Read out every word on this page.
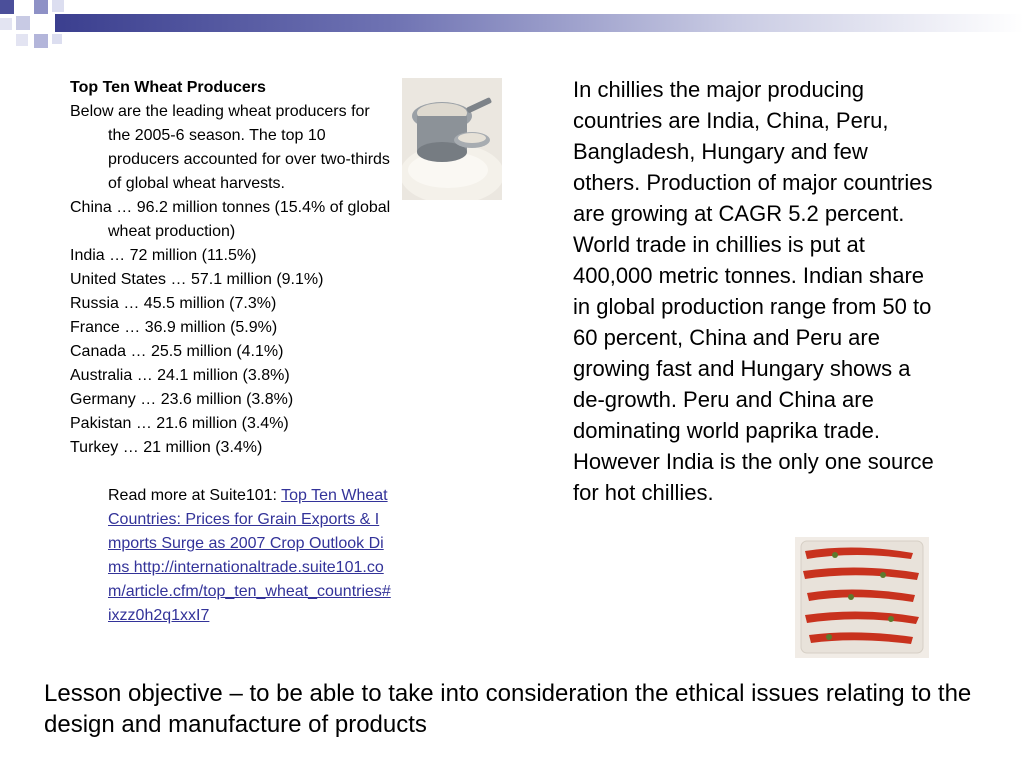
Top Ten Wheat Producers
Below are the leading wheat producers for the 2005-6 season. The top 10 producers accounted for over two-thirds of global wheat harvests.
China … 96.2 million tonnes (15.4% of global wheat production)
India … 72 million (11.5%)
United States … 57.1 million (9.1%)
Russia … 45.5 million (7.3%)
France … 36.9 million (5.9%)
Canada … 25.5 million (4.1%)
Australia … 24.1 million (3.8%)
Germany … 23.6 million (3.8%)
Pakistan … 21.6 million (3.4%)
Turkey … 21 million (3.4%)
Read more at Suite101: Top Ten Wheat Countries: Prices for Grain Exports & Imports Surge as 2007 Crop Outlook Dims http://internationaltrade.suite101.com/article.cfm/top_ten_wheat_countries#ixzz0h2q1xxI7
In chillies the major producing countries are India, China, Peru, Bangladesh, Hungary and few others. Production of major countries are growing at CAGR 5.2 percent. World trade in chillies is put at 400,000 metric tonnes. Indian share in global production range from 50 to 60 percent, China and Peru are growing fast and Hungary shows a de-growth. Peru and China are dominating world paprika trade. However India is the only one source for hot chillies.
Lesson objective – to be able to take into consideration the ethical issues relating to the design and manufacture of products
